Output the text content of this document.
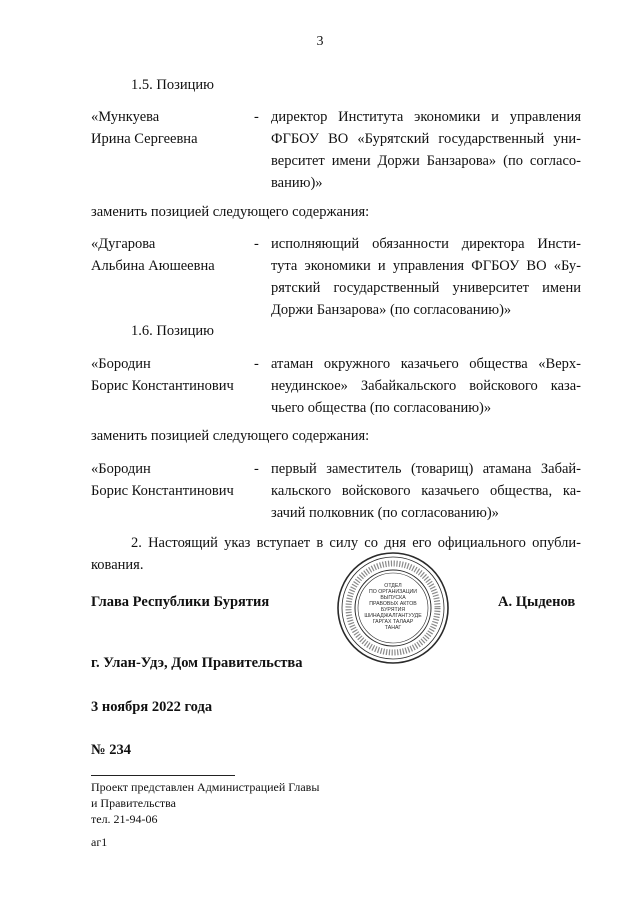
3
1.5. Позицию
«Мункуева
Ирина Сергеевна
- директор Института экономики и управления
ФГБОУ ВО «Бурятский государственный уни-
верситет имени Доржи Банзарова» (по согласо-
ванию)»
заменить позицией следующего содержания:
«Дугарова
Альбина Аюшеевна
- исполняющий обязанности директора Инсти-
тута экономики и управления ФГБОУ ВО «Бу-
рятский государственный университет имени
Доржи Банзарова» (по согласованию)»
1.6. Позицию
«Бородин
Борис Константинович
- атаман окружного казачьего общества «Верх-
неудинское» Забайкальского войскового каза-
чьего общества (по согласованию)»
заменить позицией следующего содержания:
«Бородин
Борис Константинович
- первый заместитель (товарищ) атамана Забай-
кальского войскового казачьего общества, ка-
зачий полковник (по согласованию)»
2. Настоящий указ вступает в силу со дня его официального опубли-
кования.
ОТДЕЛ
ПО ОРГАНИЗАЦИИ
ВЫПУСКА
ПРАВОВЫХ АКТОВ
БУРЯТИЯ
ШИНАДЖАЛГАНТУУДЕ
ГАРГАХ ТАЛААР
ТАНАГ
Глава Республики Бурятия	А. Цыденов
г. Улан-Удэ, Дом Правительства
3 ноября 2022 года
№ 234
Проект представлен Администрацией Главы
и Правительства
тел. 21-94-06
аг1
